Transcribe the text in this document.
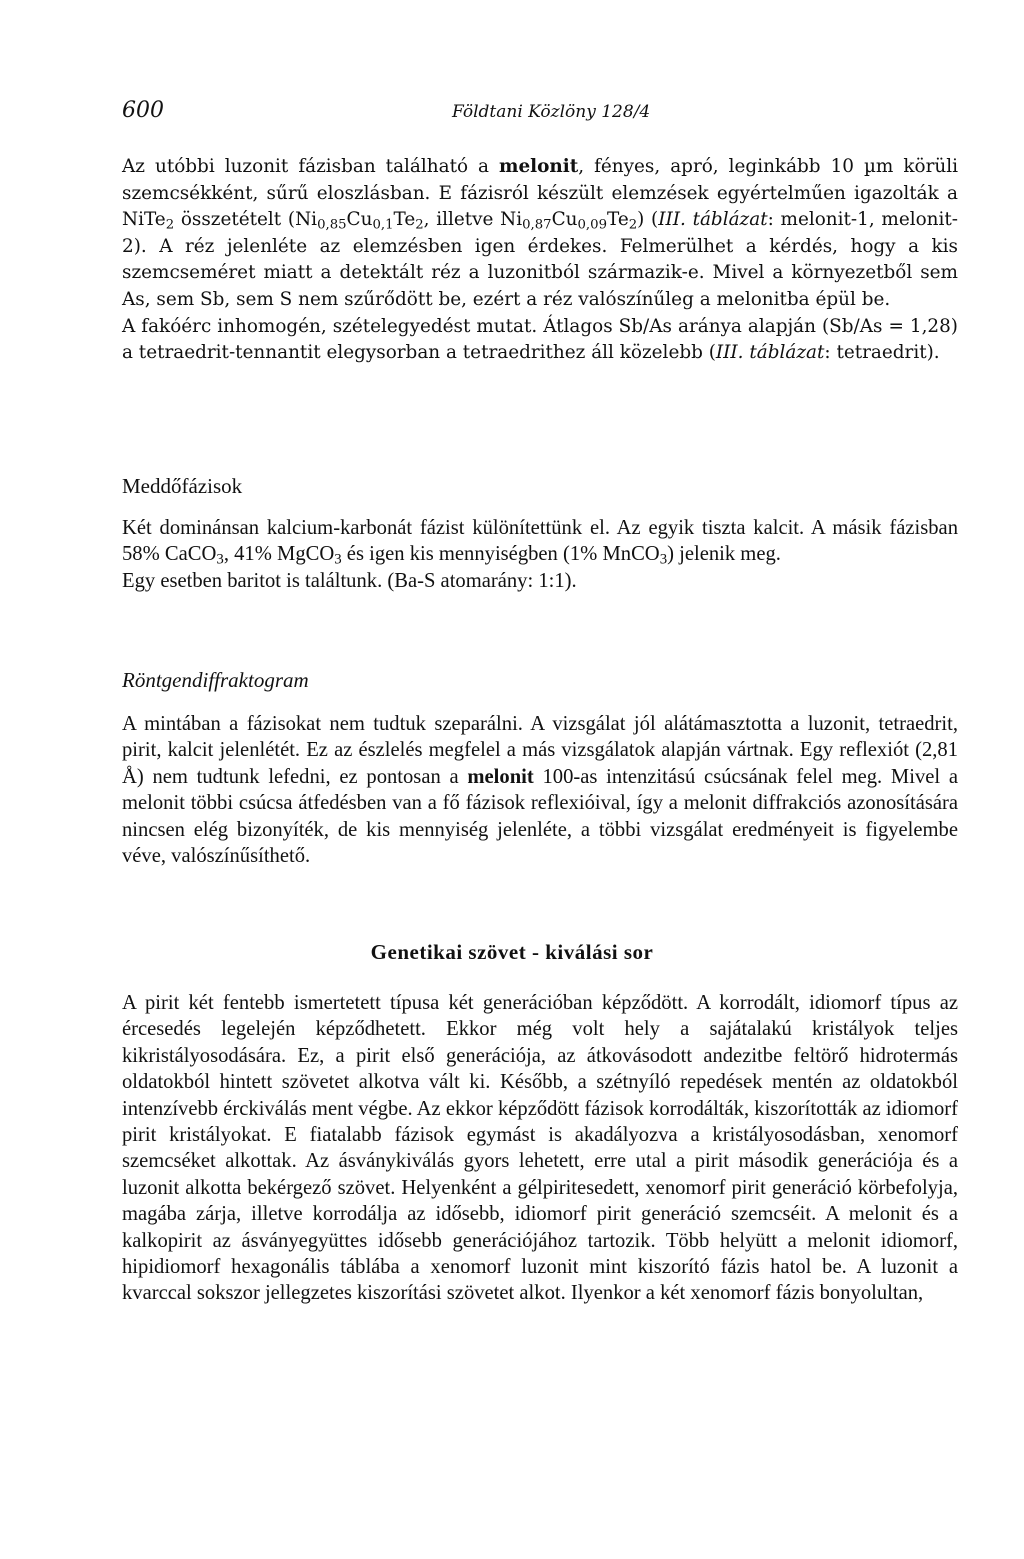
600	Földtani Közlöny 128/4

Az utóbbi luzonit fázisban található a melonit, fényes, apró, leginkább 10 µm körüli szemcsékként, sűrű eloszlásban. E fázisról készült elemzések egyértelműen igazolták a NiTe$_2$ összetételt ($Ni_{0,85}Cu_{0,1}Te_2$, illetve $Ni_{0,87}Cu_{0,09}Te_2$) (III. táblázat: melonit-1, melonit-2). A réz jelenléte az elemzésben igen érdekes. Felmerülhet a kérdés, hogy a kis szemcseméret miatt a detektált réz a luzonitból származik-e. Mivel a környezetből sem As, sem Sb, sem S nem szűrődött be, ezért a réz valószínűleg a melonitba épül be.

A fakóérc inhomogén, szételegyedést mutat. Átlagos Sb/As aránya alapján (Sb/As = 1,28) a tetraedrit-tennantit elegysorban a tetraedrithez áll közelebb (III. táblázat: tetraedrit).

Meddőfázisok

Két dominánsan kalcium-karbonát fázist különítettünk el. Az egyik tiszta kalcit. A másik fázisban 58% CaCO$_3$, 41% MgCO$_3$ és igen kis mennyiségben (1% MnCO$_3$) jelenik meg.

Egy esetben baritot is találtunk. (Ba-S atomarány: 1:1).

Röntgendiffraktogram

A mintában a fázisokat nem tudtuk szeparálni. A vizsgálat jól alátámasztotta a luzonit, tetraedrit, pirit, kalcit jelenlétét. Ez az észlelés megfelel a más vizsgálatok alapján vártnak. Egy reflexiót (2,81 Å) nem tudtunk lefedni, ez pontosan a melonit 100-as intenzitású csúcsának felel meg. Mivel a melonit többi csúcsa átfedésben van a fő fázisok reflexióival, így a melonit diffrakciós azonosítására nincsen elég bizonyíték, de kis mennyiség jelenléte, a többi vizsgálat eredményeit is figyelembe véve, valószínűsíthető.

Genetikai szövet - kiválási sor

A pirit két fentebb ismertetett típusa két generációban képződött. A korrodált, idiomorf típus az ércesedés legelején képződhetett. Ekkor még volt hely a sajátalakú kristályok teljes kikristályosodására. Ez, a pirit első generációja, az átkovásodott andezitbe feltörő hidrotermás oldatokból hintett szövetet alkotva vált ki. Később, a szétnyíló repedések mentén az oldatokból intenzívebb érckiválás ment végbe. Az ekkor képződött fázisok korrodálták, kiszorították az idiomorf pirit kristályokat. E fiatalabb fázisok egymást is akadályozva a kristályosodásban, xenomorf szemcséket alkottak. Az ásványkiválás gyors lehetett, erre utal a pirit második generációja és a luzonit alkotta bekérgező szövet. Helyenként a gélpiritesedett, xenomorf pirit generáció körbefolyja, magába zárja, illetve korrodálja az idősebb, idiomorf pirit generáció szemcséit. A melonit és a kalkopirit az ásványegyüttes idősebb generációjához tartozik. Több helyütt a melonit idiomorf, hipidiomorf hexagonális táblába a xenomorf luzonit mint kiszorító fázis hatol be. A luzonit a kvarccal sokszor jellegzetes kiszorítási szövetet alkot. Ilyenkor a két xenomorf fázis bonyolultan,
